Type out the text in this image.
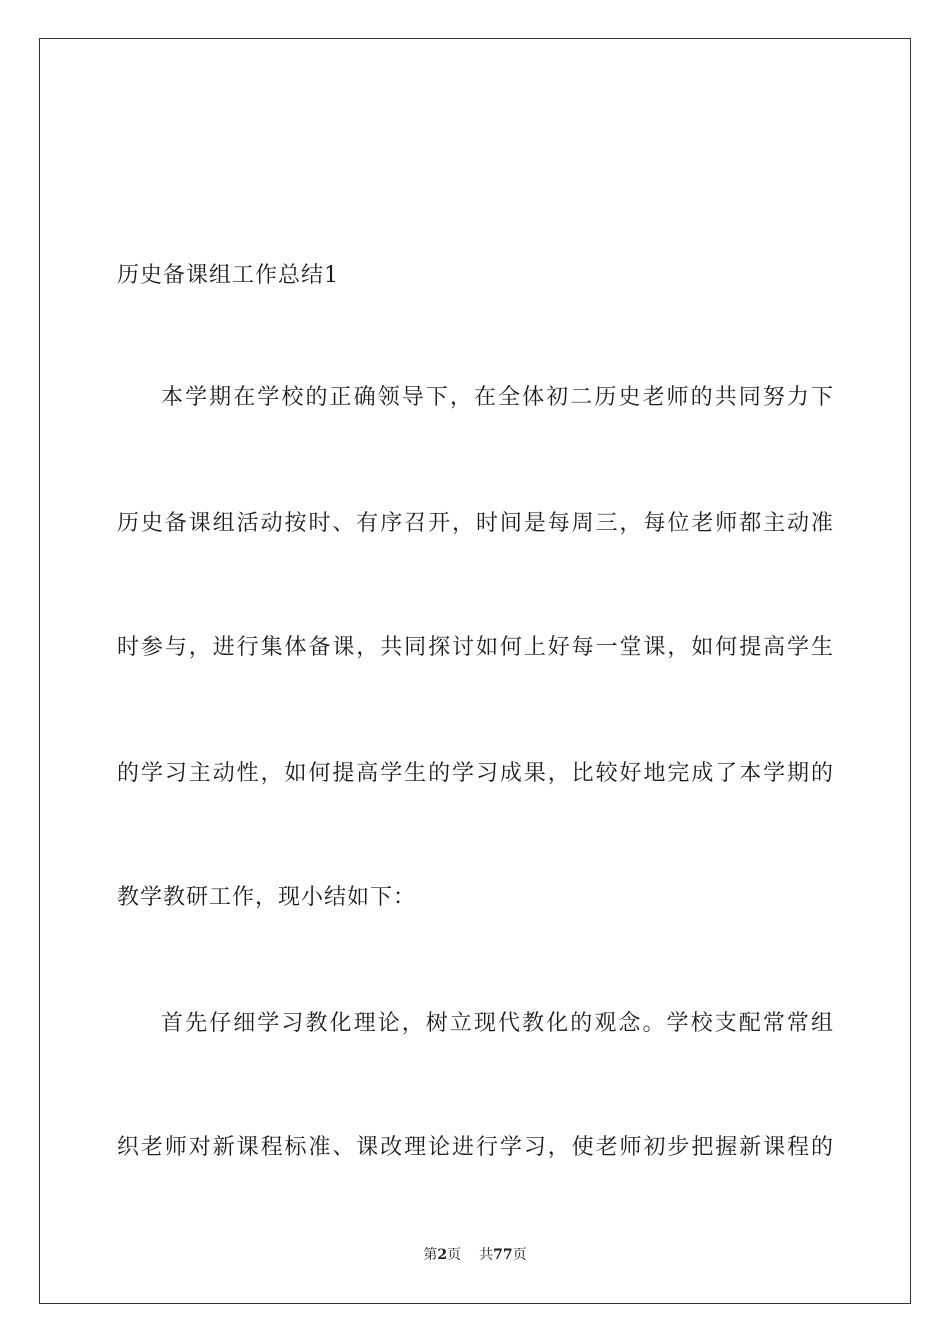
历史备课组工作总结1
本学期在学校的正确领导下，在全体初二历史老师的共同努力下
历史备课组活动按时、有序召开，时间是每周三，每位老师都主动准
时参与，进行集体备课，共同探讨如何上好每一堂课，如何提高学生
的学习主动性，如何提高学生的学习成果，比较好地完成了本学期的
教学教研工作，现小结如下：
首先仔细学习教化理论，树立现代教化的观念。学校支配常常组
织老师对新课程标准、课改理论进行学习，使老师初步把握新课程的
第2页 共77页
